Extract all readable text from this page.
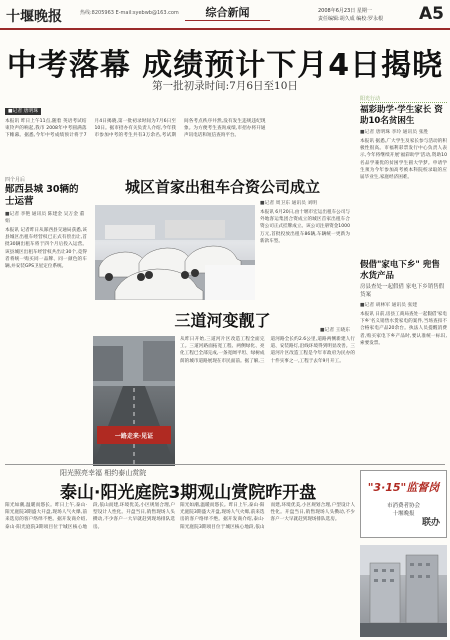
十堰晚报	热线:8205963 E-mail:syebwb@163.com	综合新闻	2008年6月23日 星期一
责任编辑:胡久成 编校:罗永根 A5
中考落幕 成绩预计下月4日揭晓
第一批初录时间:7月6日至10日
■记者 唐明珠
本报讯 昨日上午11点,随着 英语考试结束铃声的响起,我市 2008年中考圆满落下帷幕。据悉,今年中考成绩预计将于7月4日揭晓,第一批初录时间为7月6日至10日。据市招办有关负责人介绍,今年我市参加中考的考生共有3万余名,考试期间各考点秩序井然,没有发生违规违纪现象。为方便考生查询成绩,市招办将开通声讯电话和短信查询平台。
四个月后
郧西县城 30辆的士运营
■记者 李艳 通讯员 陈建金 吴万金 董娟
本报讯 记者昨日从郧西县交通局获悉,该县城区出租车经营权已正式有偿出让,首批30辆出租车将于四个月后投入运营。该县城区出租车经营权共出让30个,竞得者将统一购买同一品牌、同一颜色的车辆,并安装GPS卫星定位系统。
城区首家出租车合资公司成立
■记者 周卫东 通讯员 刘明
本报讯 6月20日,由十堰市宏运出租车公司与外地客运集团合资成立的城区首家出租车合资公司正式挂牌成立。该公司注册资金1000万元,首批投放出租车86辆,车辆统一更新为新款车型。
三道河变靓了
■记者 王晓东
一路走来·见证
从昨日开始,三道河片区改造工程全面完工。三道河路面拓宽工程、两侧绿化、亮化工程已全部完成,一条宽阔平坦、绿树成荫的城市道路展现在市民面前。据了解,三道河路全长约2.6公里,道路两侧新建人行道、安装路灯,沿线环境得到明显改善。三道河片区改造工程是今年市政府为民办的十件实事之一,工程于去年9月开工。
阳光行动
福彩助学·学生家长 资助10名贫困生
■记者 唐明珠 李玲 通讯员 张胜
本报讯 据悉,广大学生及家长参与活动的积极性很高。市福利彩票发行中心负责人表示,今年将继续开展'福彩助学'活动,资助10名品学兼优的贫困学生圆大学梦。申请学生须为今年参加高考被本科院校录取的应届毕业生,家庭经济困难。
假借"家电下乡" 兜售水货产品
房县查处一起假借 家电下乡销售假货案
■记者 胡林军 通讯员 张建
本报讯 日前,房县工商局查处一起假借'家电下乡'名义销售水货家电的案件,当场查扣不合格家电产品20余台。执法人员提醒消费者,购买家电下乡产品时,要认准统一标识,索要发票。
"3·15"监督岗
市消费者协会
十堰晚报
联办
阳光照亮幸福 相约泰山赏院
泰山·阳光庭院3期观山赏院昨开盘
阳光如潮,温暖而悠长。昨日上午,泰山·阳光庭院3期盛大开盘,现场人气火爆,前来选房的客户络绎不绝。据开发商介绍,泰山·阳光庭院3期项目位于城区核心地段,依山而建,环境优美,小区规划合理,户型设计人性化。开盘当日,销售现场人头攒动,不少客户一大早就赶到现场排队选房。
阳光如潮,温暖而悠长。昨日上午,泰山·阳光庭院3期盛大开盘,现场人气火爆,前来选房的客户络绎不绝。据开发商介绍,泰山·阳光庭院3期项目位于城区核心地段,依山而建,环境优美,小区规划合理,户型设计人性化。开盘当日,销售现场人头攒动,不少客户一大早就赶到现场排队选房。
